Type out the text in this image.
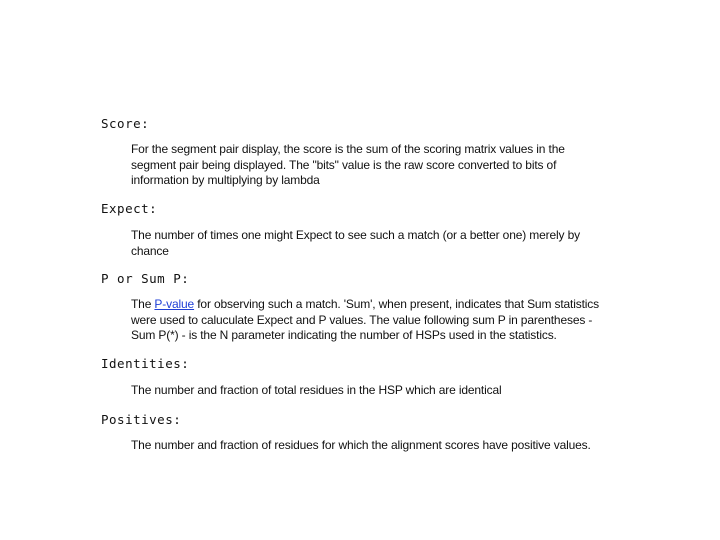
Score:
For the segment pair display, the score is the sum of the scoring matrix values in the
segment pair being displayed. The "bits" value is the raw score converted to bits of
information by multiplying by lambda
Expect:
The number of times one might Expect to see such a match (or a better one) merely by
chance
P or Sum P:
The P-value for observing such a match. 'Sum', when present, indicates that Sum statistics
were used to caluculate Expect and P values. The value following sum P in parentheses -
Sum P(*) - is the N parameter indicating the number of HSPs used in the statistics.
Identities:
The number and fraction of total residues in the HSP which are identical
Positives:
The number and fraction of residues for which the alignment scores have positive values.
